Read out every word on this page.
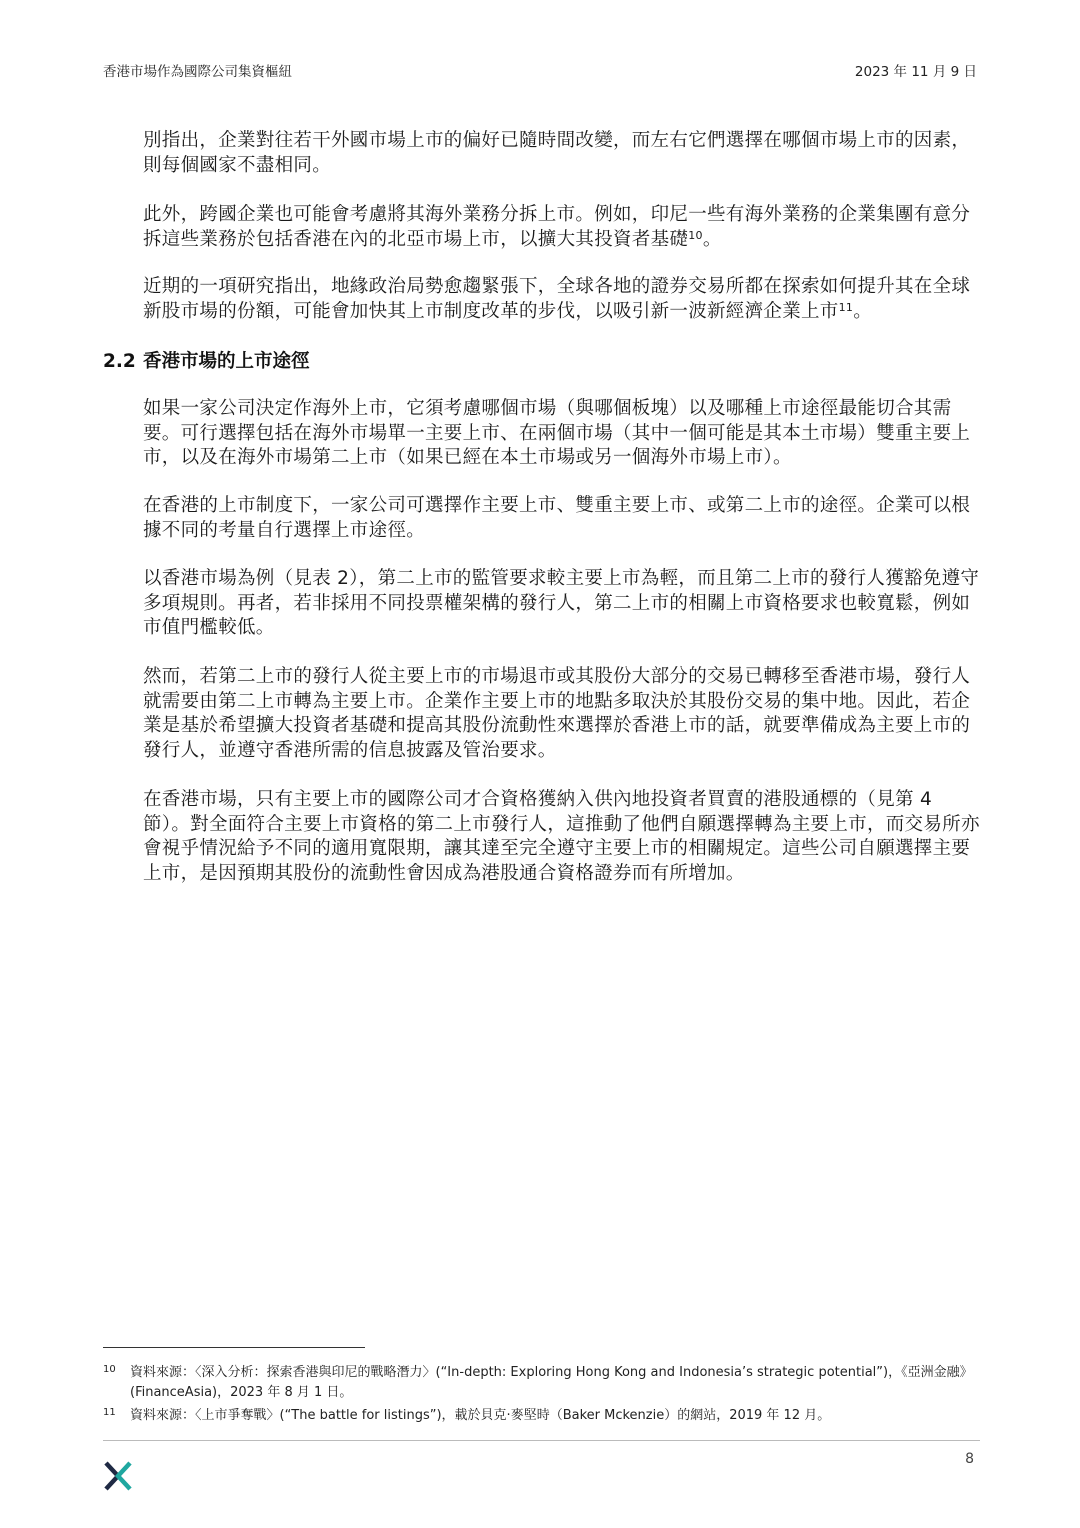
香港市場作為國際公司集資樞紐	2023 年 11 月 9 日

別指出，企業對往若干外國市場上市的偏好已隨時間改變，而左右它們選擇在哪個市場上市的因素，則每個國家不盡相同。

此外，跨國企業也可能會考慮將其海外業務分拆上市。例如，印尼一些有海外業務的企業集團有意分拆這些業務於包括香港在內的北亞市場上市，以擴大其投資者基礎$^{10}$。

近期的一項研究指出，地緣政治局勢愈趨緊張下，全球各地的證券交易所都在探索如何提升其在全球新股市場的份額，可能會加快其上市制度改革的步伐，以吸引新一波新經濟企業上市$^{11}$。

2.2 香港市場的上市途徑

如果一家公司決定作海外上市，它須考慮哪個市場（與哪個板塊）以及哪種上市途徑最能切合其需要。可行選擇包括在海外市場單一主要上市、在兩個市場（其中一個可能是其本土市場）雙重主要上市，以及在海外市場第二上市（如果已經在本土市場或另一個海外市場上市）。

在香港的上市制度下，一家公司可選擇作主要上市、雙重主要上市、或第二上市的途徑。企業可以根據不同的考量自行選擇上市途徑。

以香港市場為例（見表 2），第二上市的監管要求較主要上市為輕，而且第二上市的發行人獲豁免遵守多項規則。再者，若非採用不同投票權架構的發行人，第二上市的相關上市資格要求也較寬鬆，例如市值門檻較低。

然而，若第二上市的發行人從主要上市的市場退市或其股份大部分的交易已轉移至香港市場，發行人就需要由第二上市轉為主要上市。企業作主要上市的地點多取決於其股份交易的集中地。因此，若企業是基於希望擴大投資者基礎和提高其股份流動性來選擇於香港上市的話，就要準備成為主要上市的發行人，並遵守香港所需的信息披露及管治要求。

在香港市場，只有主要上市的國際公司才合資格獲納入供內地投資者買賣的港股通標的（見第 4 節）。對全面符合主要上市資格的第二上市發行人，這推動了他們自願選擇轉為主要上市，而交易所亦會視乎情況給予不同的適用寬限期，讓其達至完全遵守主要上市的相關規定。這些公司自願選擇主要上市，是因預期其股份的流動性會因成為港股通合資格證券而有所增加。

10 資料來源：〈深入分析：探索香港與印尼的戰略潛力〉(“In-depth: Exploring Hong Kong and Indonesia’s strategic potential”)，《亞洲金融》(FinanceAsia)，2023 年 8 月 1 日。
11 資料來源：〈上市爭奪戰〉(“The battle for listings”)，載於貝克·麥堅時（Baker Mckenzie）的網站，2019 年 12 月。
8
